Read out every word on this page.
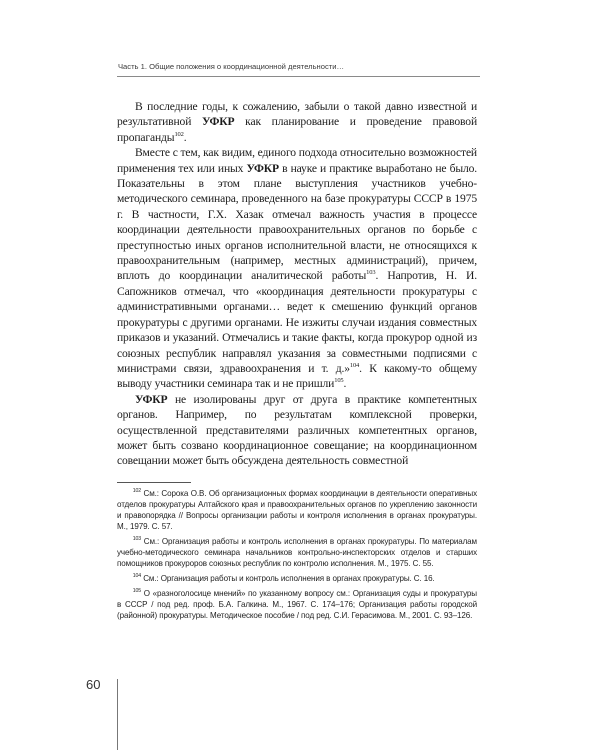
Часть 1. Общие положения о координационной деятельности…

В последние годы, к сожалению, забыли о такой давно известной и результативной УФКР как планирование и проведение правовой пропаганды$^{102}$.

Вместе с тем, как видим, единого подхода относительно возможностей применения тех или иных УФКР в науке и практике выработано не было. Показательны в этом плане выступления участников учебно-методического семинара, проведенного на базе прокуратуры СССР в 1975 г. В частности, Г.Х. Хазак отмечал важность участия в процессе координации деятельности правоохранительных органов по борьбе с преступностью иных органов исполнительной власти, не относящихся к правоохранительным (например, местных администраций), причем, вплоть до координации аналитической работы$^{103}$. Напротив, Н. И. Сапожников отмечал, что «координация деятельности прокуратуры с административными органами… ведет к смешению функций органов прокуратуры с другими органами. Не изжиты случаи издания совместных приказов и указаний. Отмечались и такие факты, когда прокурор одной из союзных республик направлял указания за совместными подписями с министрами связи, здравоохранения и т. д.»$^{104}$. К какому-то общему выводу участники семинара так и не пришли$^{105}$.

УФКР не изолированы друг от друга в практике компетентных органов. Например, по результатам комплексной проверки, осуществленной представителями различных компетентных органов, может быть созвано координационное совещание; на координационном совещании может быть обсуждена деятельность совместной

$^{102}$ См.: Сорока О.В. Об организационных формах координации в деятельности оперативных отделов прокуратуры Алтайского края и правоохранительных органов по укреплению законности и правопорядка // Вопросы организации работы и контроля исполнения в органах прокуратуры. М., 1979. С. 57.

$^{103}$ См.: Организация работы и контроль исполнения в органах прокуратуры. По материалам учебно-методического семинара начальников контрольно-инспекторских отделов и старших помощников прокуроров союзных республик по контролю исполнения. М., 1975. С. 55.

$^{104}$ См.: Организация работы и контроль исполнения в органах прокуратуры. С. 16.

$^{105}$ О «разноголосице мнений» по указанному вопросу см.: Организация суды и прокуратуры в СССР / под ред. проф. Б.А. Галкина. М., 1967. С. 174–176; Организация работы городской (районной) прокуратуры. Методическое пособие / под ред. С.И. Герасимова. М., 2001. С. 93–126.

60
